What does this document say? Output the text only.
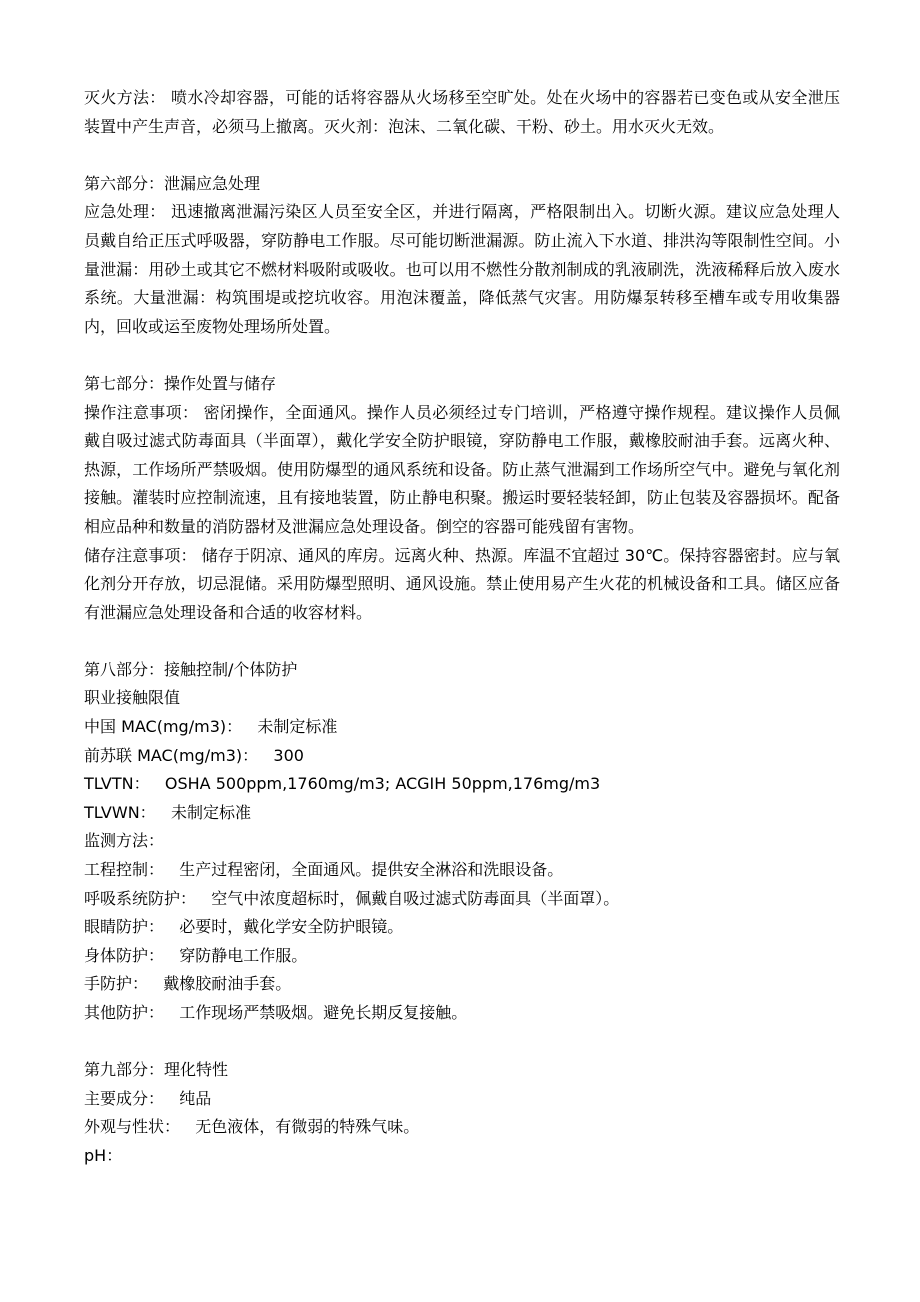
灭火方法： 喷水冷却容器，可能的话将容器从火场移至空旷处。处在火场中的容器若已变色或从安全泄压装置中产生声音，必须马上撤离。灭火剂：泡沫、二氧化碳、干粉、砂土。用水灭火无效。

第六部分：泄漏应急处理

应急处理： 迅速撤离泄漏污染区人员至安全区，并进行隔离，严格限制出入。切断火源。建议应急处理人员戴自给正压式呼吸器，穿防静电工作服。尽可能切断泄漏源。防止流入下水道、排洪沟等限制性空间。小量泄漏：用砂土或其它不燃材料吸附或吸收。也可以用不燃性分散剂制成的乳液刷洗，洗液稀释后放入废水系统。大量泄漏：构筑围堤或挖坑收容。用泡沫覆盖，降低蒸气灾害。用防爆泵转移至槽车或专用收集器内，回收或运至废物处理场所处置。

第七部分：操作处置与储存

操作注意事项： 密闭操作，全面通风。操作人员必须经过专门培训，严格遵守操作规程。建议操作人员佩戴自吸过滤式防毒面具（半面罩），戴化学安全防护眼镜，穿防静电工作服，戴橡胶耐油手套。远离火种、热源，工作场所严禁吸烟。使用防爆型的通风系统和设备。防止蒸气泄漏到工作场所空气中。避免与氧化剂接触。灌装时应控制流速，且有接地装置，防止静电积聚。搬运时要轻装轻卸，防止包装及容器损坏。配备相应品种和数量的消防器材及泄漏应急处理设备。倒空的容器可能残留有害物。

储存注意事项： 储存于阴凉、通风的库房。远离火种、热源。库温不宜超过 30℃。保持容器密封。应与氧化剂分开存放，切忌混储。采用防爆型照明、通风设施。禁止使用易产生火花的机械设备和工具。储区应备有泄漏应急处理设备和合适的收容材料。

第八部分：接触控制/个体防护

职业接触限值

中国 MAC(mg/m3)： 未制定标准

前苏联 MAC(mg/m3)： 300

TLVTN： OSHA 500ppm,1760mg/m3; ACGIH 50ppm,176mg/m3

TLVWN： 未制定标准

监测方法：

工程控制： 生产过程密闭，全面通风。提供安全淋浴和洗眼设备。

呼吸系统防护： 空气中浓度超标时，佩戴自吸过滤式防毒面具（半面罩）。

眼睛防护： 必要时，戴化学安全防护眼镜。

身体防护： 穿防静电工作服。

手防护： 戴橡胶耐油手套。

其他防护： 工作现场严禁吸烟。避免长期反复接触。

第九部分：理化特性

主要成分： 纯品

外观与性状： 无色液体，有微弱的特殊气味。

pH：
